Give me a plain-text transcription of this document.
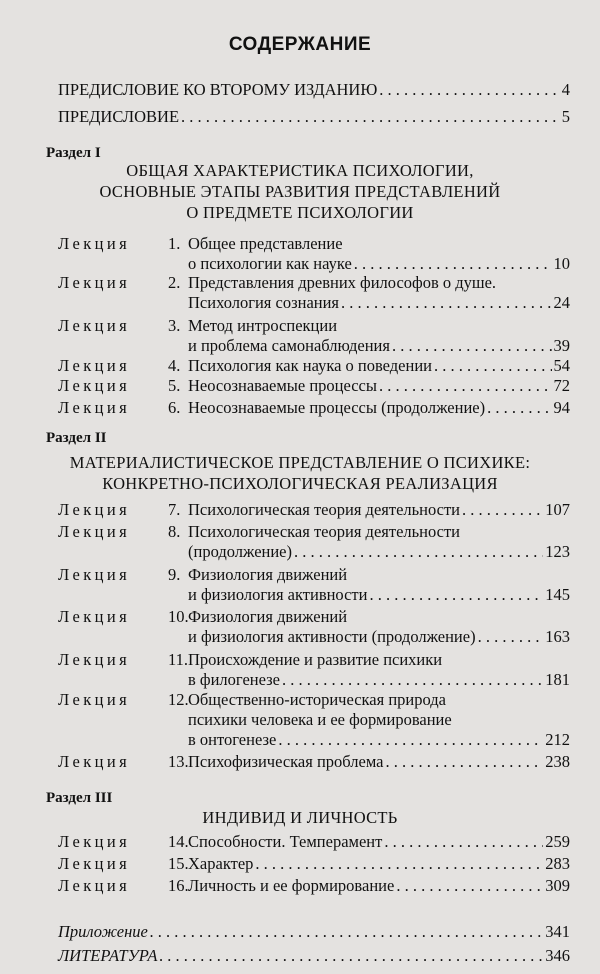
СОДЕРЖАНИЕ
ПРЕДИСЛОВИЕ КО ВТОРОМУ ИЗДАНИЮ . . .	4
ПРЕДИСЛОВИЕ . . .	5
Раздел I
ОБЩАЯ ХАРАКТЕРИСТИКА ПСИХОЛОГИИ,
ОСНОВНЫЕ ЭТАПЫ РАЗВИТИЯ ПРЕДСТАВЛЕНИЙ
О ПРЕДМЕТЕ ПСИХОЛОГИИ
Лекция	1. Общее представление
о психологии как науке . . .	10
Лекция	2. Представления древних философов о душе.
Психология сознания . . .	24
Лекция	3. Метод интроспекции
и проблема самонаблюдения . . .	39
Лекция	4. Психология как наука о поведении . . .	54
Лекция	5. Неосознаваемые процессы . . .	72
Лекция	6. Неосознаваемые процессы (продолжение) . . .	94
Раздел II
МАТЕРИАЛИСТИЧЕСКОЕ ПРЕДСТАВЛЕНИЕ О ПСИХИКЕ:
КОНКРЕТНО-ПСИХОЛОГИЧЕСКАЯ РЕАЛИЗАЦИЯ
Лекция	7. Психологическая теория деятельности . . .	107
Лекция	8. Психологическая теория деятельности
(продолжение) . . .	123
Лекция	9. Физиология движений
и физиология активности . . .	145
Лекция	10. Физиология движений
и физиология активности (продолжение) . . .	163
Лекция	11. Происхождение и развитие психики
в филогенезе . . .	181
Лекция	12. Общественно-историческая природа
психики человека и ее формирование
в онтогенезе . . .	212
Лекция	13. Психофизическая проблема . . .	238
Раздел III
ИНДИВИД И ЛИЧНОСТЬ
Лекция	14. Способности. Темперамент . . .	259
Лекция	15. Характер . . .	283
Лекция	16. Личность и ее формирование . . .	309
Приложение . . .	341
ЛИТЕРАТУРА . . .	346
